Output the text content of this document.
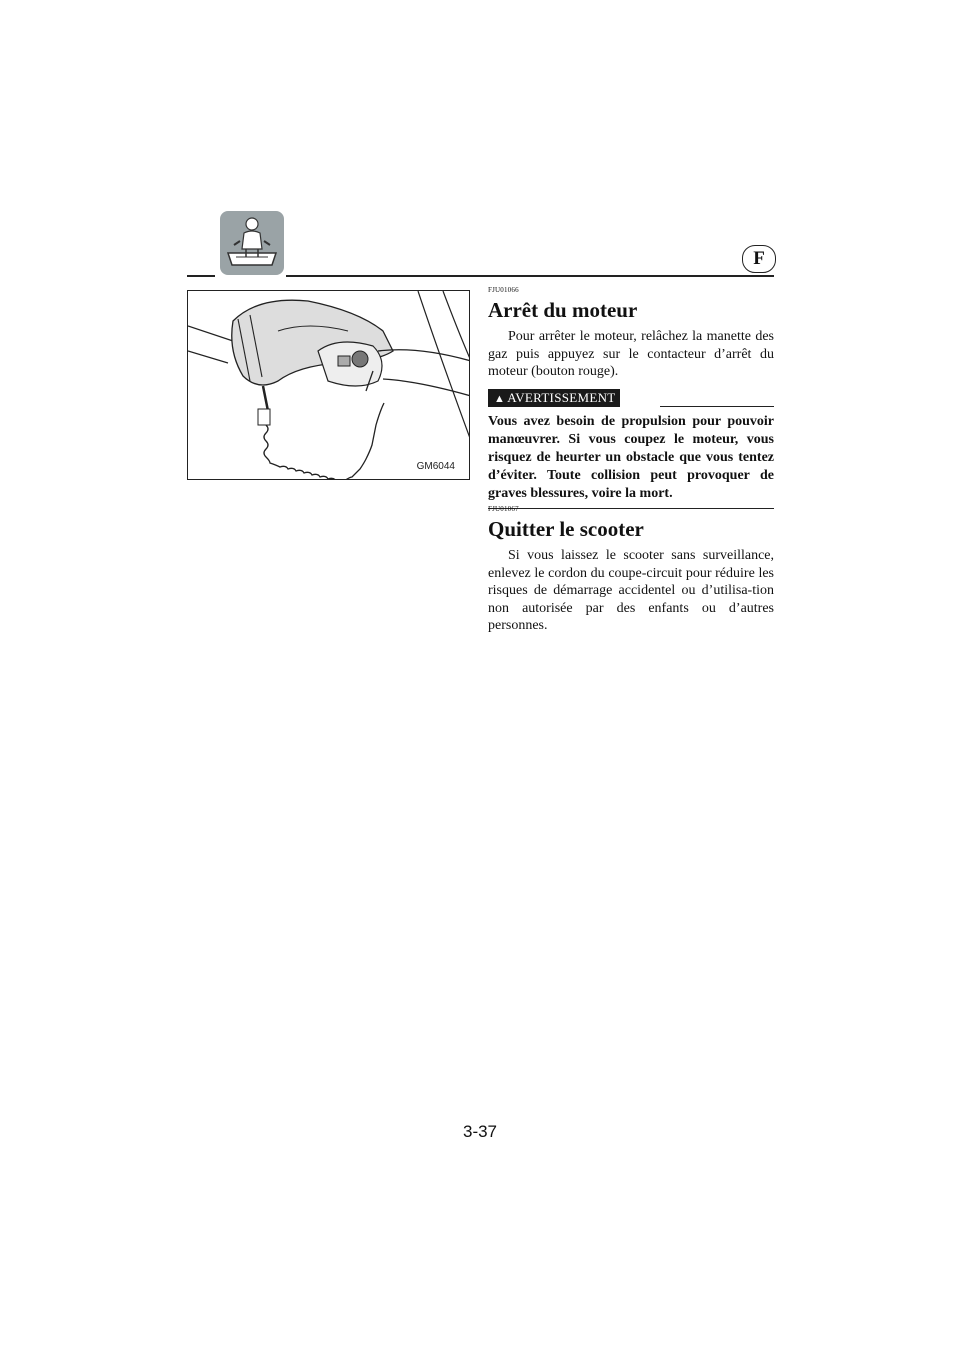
F
GM6044
FJU01066
Arrêt du moteur

Pour arrêter le moteur, relâchez la manette des gaz puis appuyez sur le contacteur d’arrêt du moteur (bouton rouge).

▲ AVERTISSEMENT

Vous avez besoin de propulsion pour pouvoir manœuvrer. Si vous coupez le moteur, vous risquez de heurter un obstacle que vous tentez d’éviter. Toute collision peut provoquer de graves blessures, voire la mort.

FJU01067
Quitter le scooter

Si vous laissez le scooter sans surveillance, enlevez le cordon du coupe-circuit pour réduire les risques de démarrage accidentel ou d’utilisa-tion non autorisée par des enfants ou d’autres personnes.

3-37
